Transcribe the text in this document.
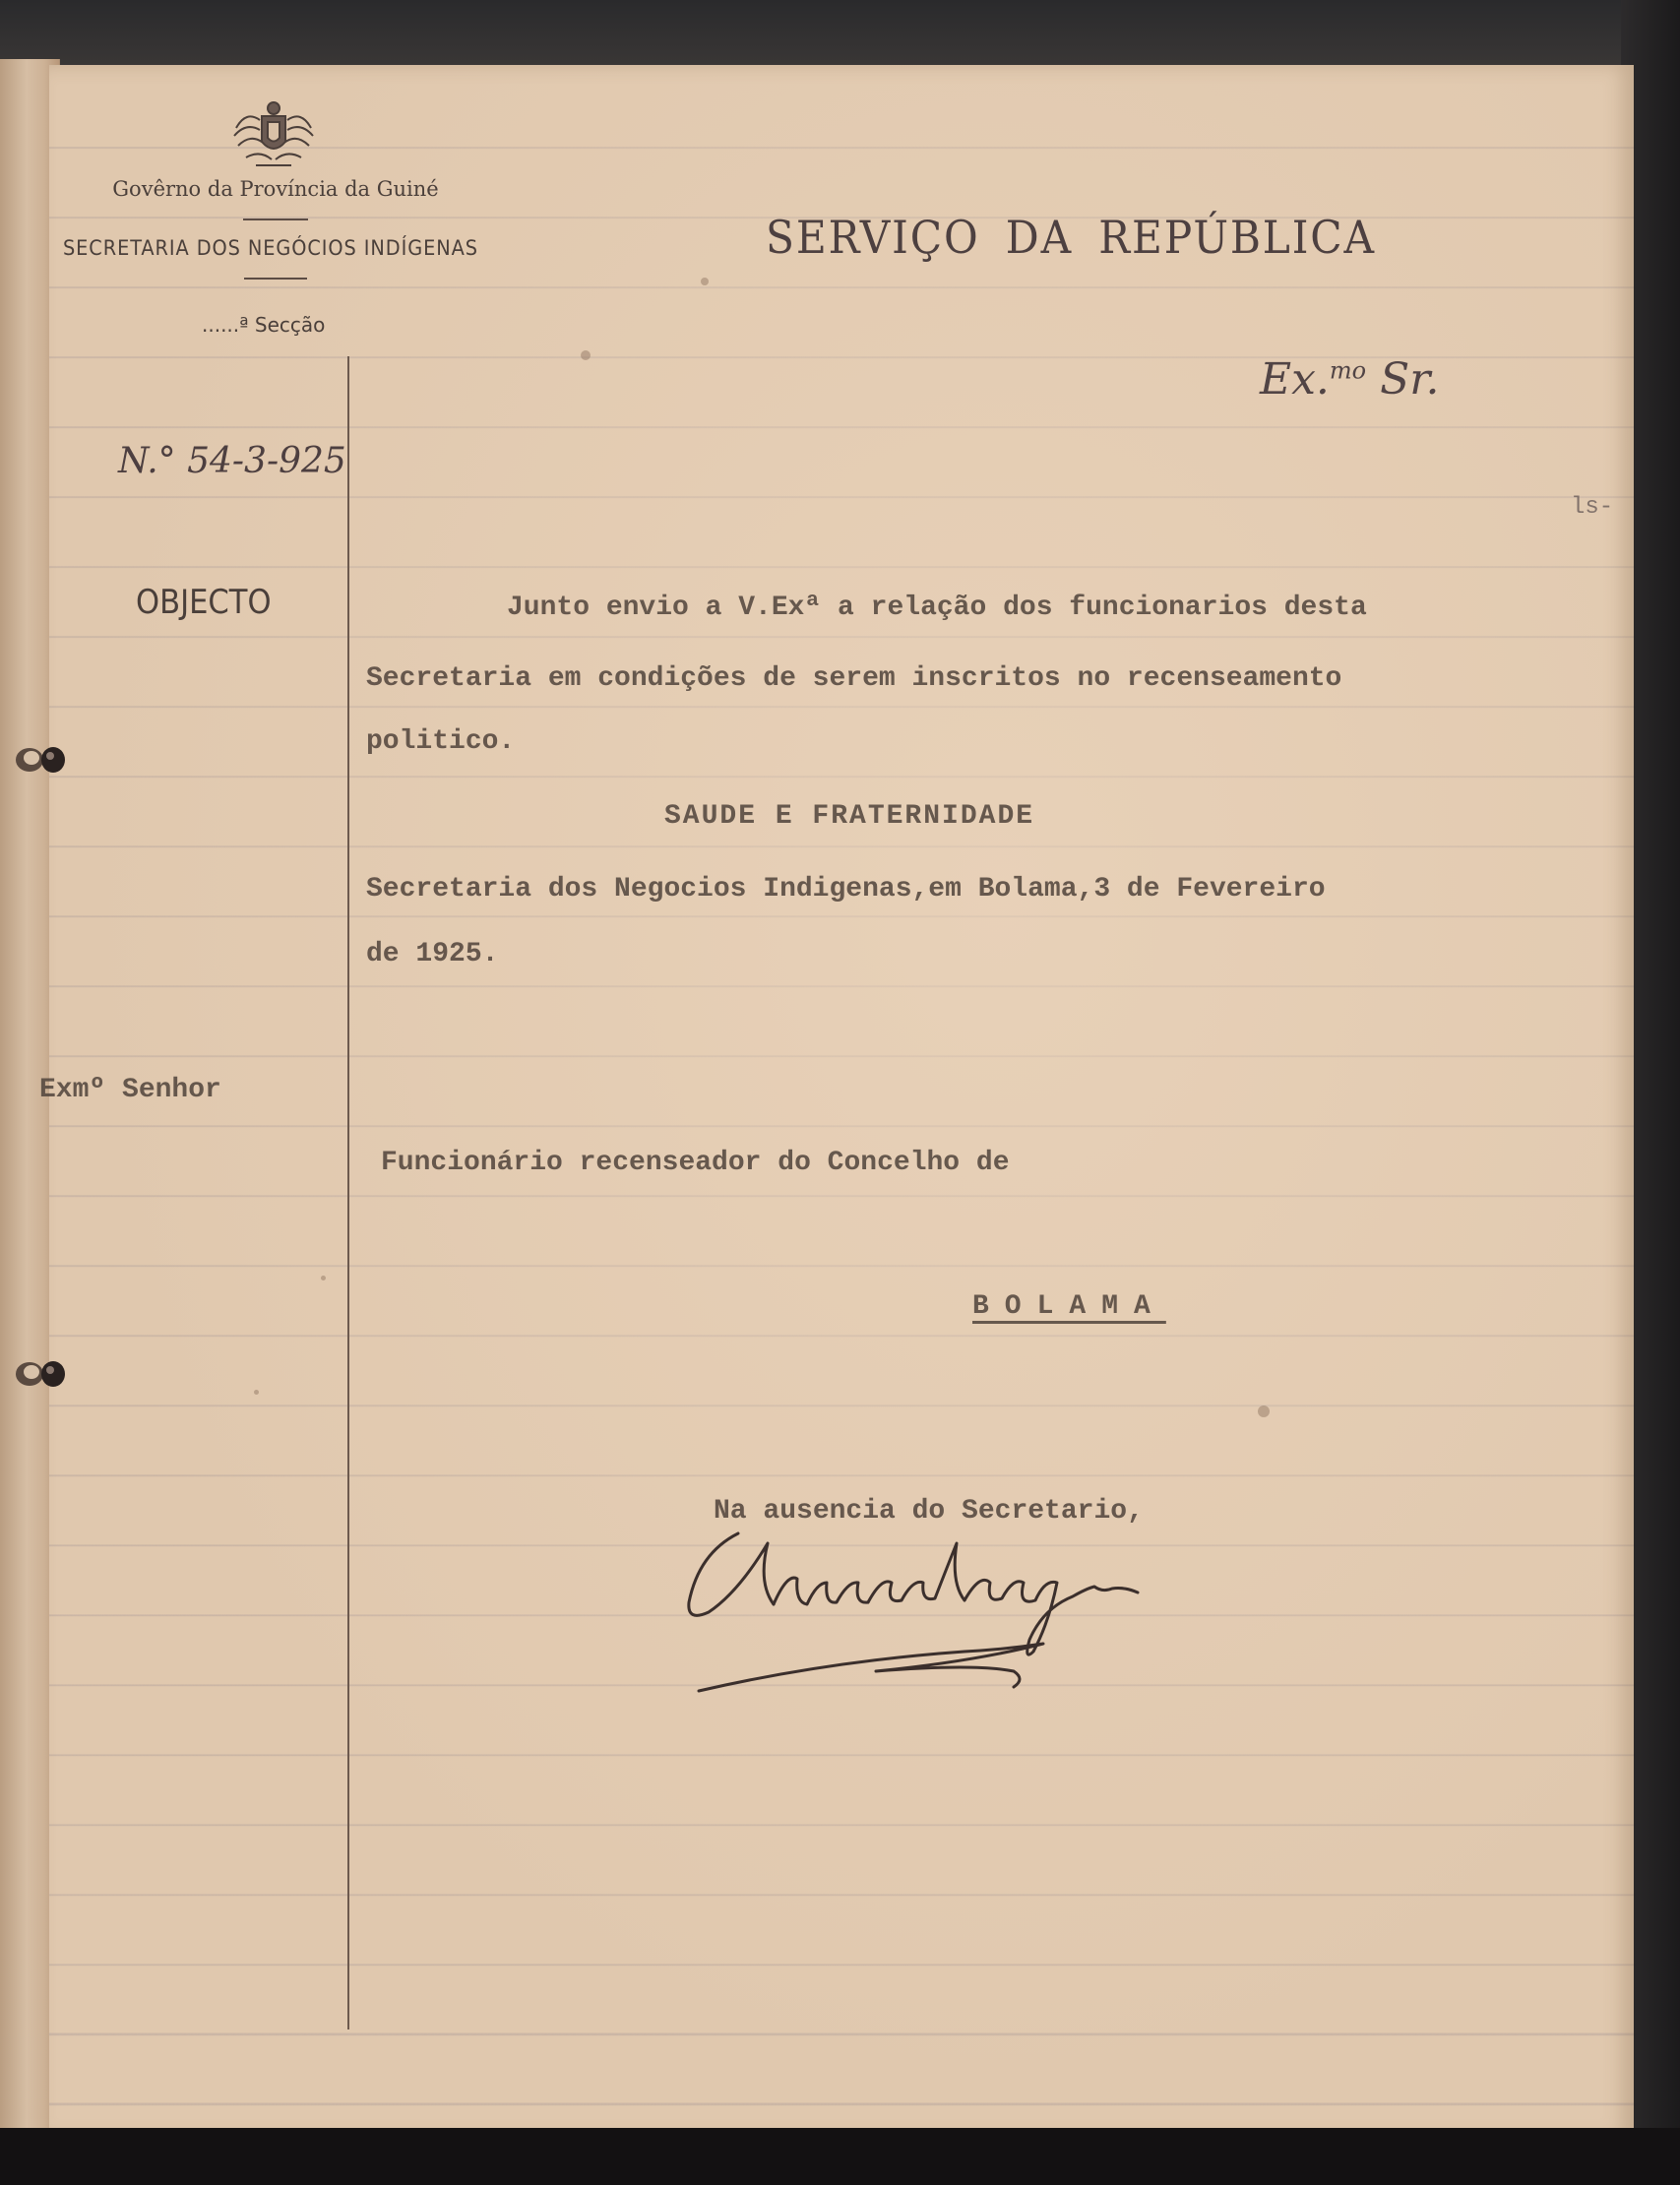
Govêrno da Província da Guiné
SECRETARIA DOS NEGÓCIOS INDÍGENAS
......ª Secção
SERVIÇO DA REPÚBLICA
Ex.$^{mo}$ Sr.
N.° 54-3-925
OBJECTO
ls-
Junto envio a V.Exª a relação dos funcionarios desta
Secretaria em condições de serem inscritos no recenseamento
politico.
SAUDE E FRATERNIDADE
Secretaria dos Negocios Indigenas,em Bolama,3 de Fevereiro
de 1925.
Exmº Senhor
Funcionário recenseador do Concelho de
BOLAMA
Na ausencia do Secretario,
